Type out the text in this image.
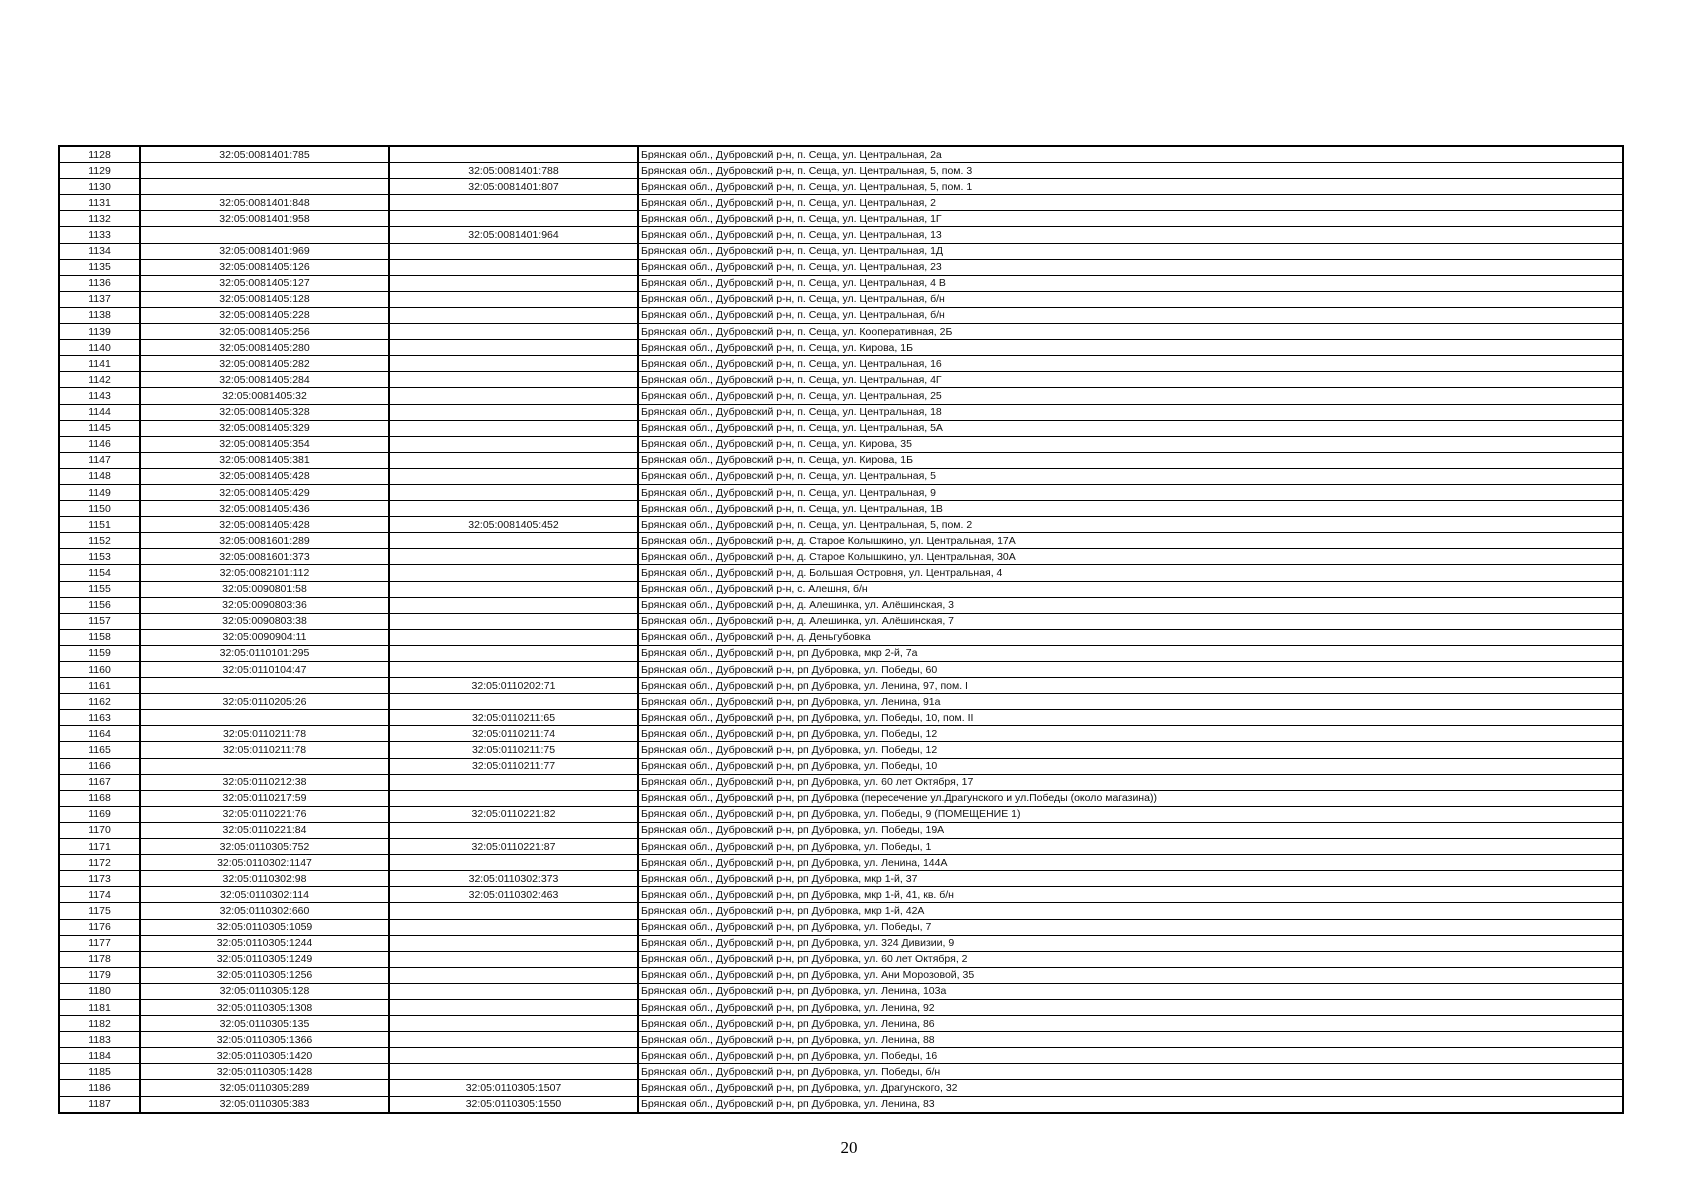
1128	32:05:0081401:785		Брянская обл., Дубровский р-н, п. Сеща, ул. Центральная, 2а
1129		32:05:0081401:788	Брянская обл., Дубровский р-н, п. Сеща, ул. Центральная, 5, пом. 3
1130		32:05:0081401:807	Брянская обл., Дубровский р-н, п. Сеща, ул. Центральная, 5, пом. 1
1131	32:05:0081401:848		Брянская обл., Дубровский р-н, п. Сеща, ул. Центральная, 2
1132	32:05:0081401:958		Брянская обл., Дубровский р-н, п. Сеща, ул. Центральная, 1Г
1133		32:05:0081401:964	Брянская обл., Дубровский р-н, п. Сеща, ул. Центральная, 13
1134	32:05:0081401:969		Брянская обл., Дубровский р-н, п. Сеща, ул. Центральная, 1Д
1135	32:05:0081405:126		Брянская обл., Дубровский р-н, п. Сеща, ул. Центральная, 23
1136	32:05:0081405:127		Брянская обл., Дубровский р-н, п. Сеща, ул. Центральная, 4 В
1137	32:05:0081405:128		Брянская обл., Дубровский р-н, п. Сеща, ул. Центральная, б/н
1138	32:05:0081405:228		Брянская обл., Дубровский р-н, п. Сеща, ул. Центральная, б/н
1139	32:05:0081405:256		Брянская обл., Дубровский р-н, п. Сеща, ул. Кооперативная, 2Б
1140	32:05:0081405:280		Брянская обл., Дубровский р-н, п. Сеща, ул. Кирова, 1Б
1141	32:05:0081405:282		Брянская обл., Дубровский р-н, п. Сеща, ул. Центральная, 16
1142	32:05:0081405:284		Брянская обл., Дубровский р-н, п. Сеща, ул. Центральная, 4Г
1143	32:05:0081405:32		Брянская обл., Дубровский р-н, п. Сеща, ул. Центральная, 25
1144	32:05:0081405:328		Брянская обл., Дубровский р-н, п. Сеща, ул. Центральная, 18
1145	32:05:0081405:329		Брянская обл., Дубровский р-н, п. Сеща, ул. Центральная, 5А
1146	32:05:0081405:354		Брянская обл., Дубровский р-н, п. Сеща, ул. Кирова, 35
1147	32:05:0081405:381		Брянская обл., Дубровский р-н, п. Сеща, ул. Кирова, 1Б
1148	32:05:0081405:428		Брянская обл., Дубровский р-н, п. Сеща, ул. Центральная, 5
1149	32:05:0081405:429		Брянская обл., Дубровский р-н, п. Сеща, ул. Центральная, 9
1150	32:05:0081405:436		Брянская обл., Дубровский р-н, п. Сеща, ул. Центральная, 1В
1151	32:05:0081405:428	32:05:0081405:452	Брянская обл., Дубровский р-н, п. Сеща, ул. Центральная, 5, пом. 2
1152	32:05:0081601:289		Брянская обл., Дубровский р-н, д. Старое Колышкино, ул. Центральная, 17А
1153	32:05:0081601:373		Брянская обл., Дубровский р-н, д. Старое Колышкино, ул. Центральная, 30А
1154	32:05:0082101:112		Брянская обл., Дубровский р-н, д. Большая Островня, ул. Центральная, 4
1155	32:05:0090801:58		Брянская обл., Дубровский р-н, с. Алешня, б/н
1156	32:05:0090803:36		Брянская обл., Дубровский р-н, д. Алешинка, ул. Алёшинская, 3
1157	32:05:0090803:38		Брянская обл., Дубровский р-н, д. Алешинка, ул. Алёшинская, 7
1158	32:05:0090904:11		Брянская обл., Дубровский р-н, д. Деньгубовка
1159	32:05:0110101:295		Брянская обл., Дубровский р-н, рп Дубровка, мкр 2-й, 7а
1160	32:05:0110104:47		Брянская обл., Дубровский р-н, рп Дубровка, ул. Победы, 60
1161		32:05:0110202:71	Брянская обл., Дубровский р-н, рп Дубровка, ул. Ленина, 97, пом. I
1162	32:05:0110205:26		Брянская обл., Дубровский р-н, рп Дубровка, ул. Ленина, 91а
1163		32:05:0110211:65	Брянская обл., Дубровский р-н, рп Дубровка, ул. Победы, 10, пом. II
1164	32:05:0110211:78	32:05:0110211:74	Брянская обл., Дубровский р-н, рп Дубровка, ул. Победы, 12
1165	32:05:0110211:78	32:05:0110211:75	Брянская обл., Дубровский р-н, рп Дубровка, ул. Победы, 12
1166		32:05:0110211:77	Брянская обл., Дубровский р-н, рп Дубровка, ул. Победы, 10
1167	32:05:0110212:38		Брянская обл., Дубровский р-н, рп Дубровка, ул. 60 лет Октября, 17
1168	32:05:0110217:59		Брянская обл., Дубровский р-н, рп Дубровка (пересечение ул.Драгунского и ул.Победы (около магазина))
1169	32:05:0110221:76	32:05:0110221:82	Брянская обл., Дубровский р-н, рп Дубровка, ул. Победы, 9 (ПОМЕЩЕНИЕ 1)
1170	32:05:0110221:84		Брянская обл., Дубровский р-н, рп Дубровка, ул. Победы, 19А
1171	32:05:0110305:752	32:05:0110221:87	Брянская обл., Дубровский р-н, рп Дубровка, ул. Победы, 1
1172	32:05:0110302:1147		Брянская обл., Дубровский р-н, рп Дубровка, ул. Ленина, 144А
1173	32:05:0110302:98	32:05:0110302:373	Брянская обл., Дубровский р-н, рп Дубровка, мкр 1-й, 37
1174	32:05:0110302:114	32:05:0110302:463	Брянская обл., Дубровский р-н, рп Дубровка, мкр 1-й, 41, кв. б/н
1175	32:05:0110302:660		Брянская обл., Дубровский р-н, рп Дубровка, мкр 1-й, 42А
1176	32:05:0110305:1059		Брянская обл., Дубровский р-н, рп Дубровка, ул. Победы, 7
1177	32:05:0110305:1244		Брянская обл., Дубровский р-н, рп Дубровка, ул. 324 Дивизии, 9
1178	32:05:0110305:1249		Брянская обл., Дубровский р-н, рп Дубровка, ул. 60 лет Октября, 2
1179	32:05:0110305:1256		Брянская обл., Дубровский р-н, рп Дубровка, ул. Ани Морозовой, 35
1180	32:05:0110305:128		Брянская обл., Дубровский р-н, рп Дубровка, ул. Ленина, 103а
1181	32:05:0110305:1308		Брянская обл., Дубровский р-н, рп Дубровка, ул. Ленина, 92
1182	32:05:0110305:135		Брянская обл., Дубровский р-н, рп Дубровка, ул. Ленина, 86
1183	32:05:0110305:1366		Брянская обл., Дубровский р-н, рп Дубровка, ул. Ленина, 88
1184	32:05:0110305:1420		Брянская обл., Дубровский р-н, рп Дубровка, ул. Победы, 16
1185	32:05:0110305:1428		Брянская обл., Дубровский р-н, рп Дубровка, ул. Победы, б/н
1186	32:05:0110305:289	32:05:0110305:1507	Брянская обл., Дубровский р-н, рп Дубровка, ул. Драгунского, 32
1187	32:05:0110305:383	32:05:0110305:1550	Брянская обл., Дубровский р-н, рп Дубровка, ул. Ленина, 83
20
